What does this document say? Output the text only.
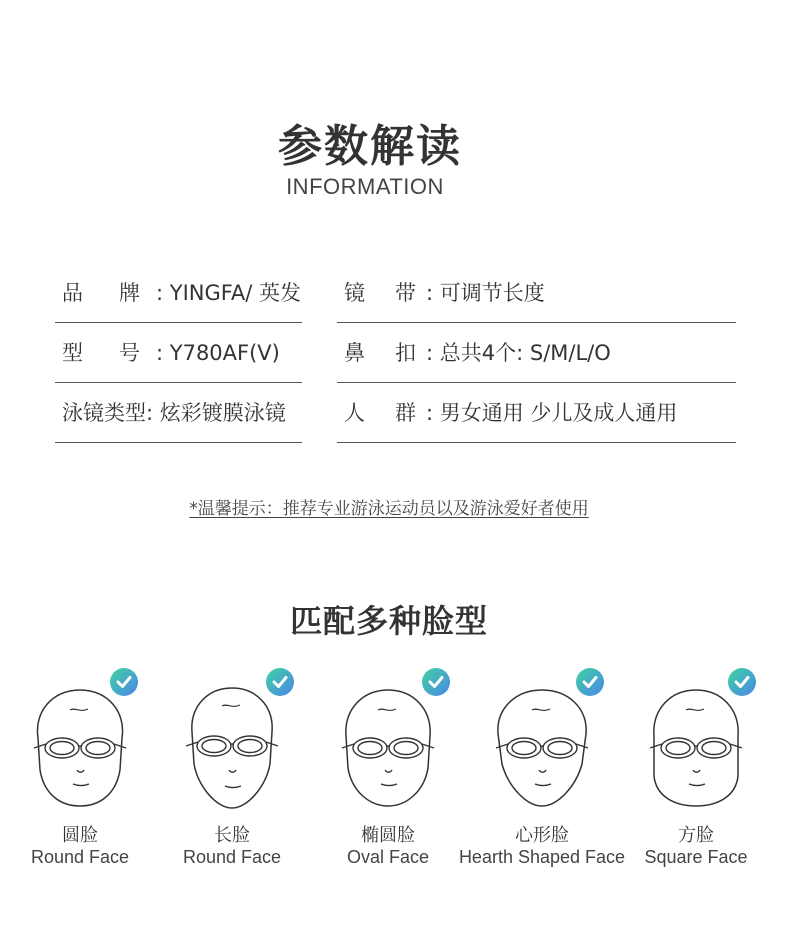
参数解读
INFORMATION
品 牌 : YINGFA/ 英发	镜 带: 可调节长度
型 号 : Y780AF(V)	鼻 扣: 总共4个: S/M/L/O
泳镜类型: 炫彩镀膜泳镜	人 群: 男女通用 少儿及成人通用
*温馨提示：推荐专业游泳运动员以及游泳爱好者使用
匹配多种脸型
圆脸
Round Face
长脸
Round Face
椭圆脸
Oval Face
心形脸
Hearth Shaped Face
方脸
Square Face
